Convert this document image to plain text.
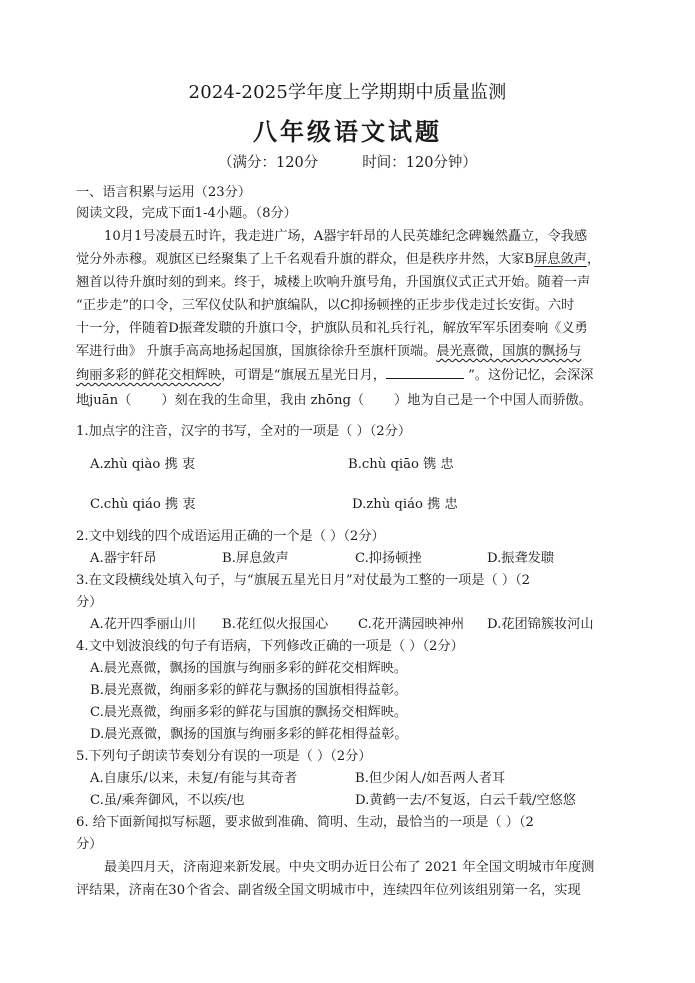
2024-2025学年度上学期期中质量监测
八年级语文试题
（满分：120分	时间：120分钟）
一、语言积累与运用（23分）
阅读文段，完成下面1-4小题。（8分）
10月1号凌晨五时许，我走进广场，A器宇轩昂的人民英雄纪念碑巍然矗立，令我感
觉分外赤穆。观旗区已经聚集了上千名观看升旗的群众，但是秩序井然，大家B屏息敛声，
翘首以待升旗时刻的到来。终于，城楼上吹响升旗号角，升国旗仪式正式开始。随着一声
“正步走”的口令，三军仪仗队和护旗编队，以C抑扬顿挫的正步步伐走过长安街。六时
十一分，伴随着D振聋发聩的升旗口令，护旗队员和礼兵行礼，解放军军乐团奏响《义勇
军进行曲》 升旗手高高地扬起国旗，国旗徐徐升至旗杆顶端。晨光熹微，国旗的飘扬与
绚丽多彩的鲜花交相辉映，可谓是“旗展五星光日月，	”。这份记忆，会深深
地juān（ ）刻在我的生命里，我由 zhōng（ ）地为自己是一个中国人而骄傲。
1.加点字的注音，汉字的书写，全对的一项是（ ）（2分）
A.zhù qiào 携 衷	B.chù qiāo 镌 忠
C.chù qiáo 携 衷	D.zhù qiáo 携 忠
2.文中划线的四个成语运用正确的一个是（ ）（2分）
A.器宇轩昂	B.屏息敛声	C.抑扬顿挫	D.振聋发聩
3.在文段横线处填入句子，与“旗展五星光日月”对仗最为工整的一项是（ ）（2
分）
A.花开四季丽山川 B.花红似火报国心 C.花开满园映神州 D.花团锦簇妆河山
4.文中划波浪线的句子有语病，下列修改正确的一项是（ ）（2分）
A.晨光熹微，飘扬的国旗与绚丽多彩的鲜花交相辉映。
B.晨光熹微，绚丽多彩的鲜花与飘扬的国旗相得益彰。
C.晨光熹微，绚丽多彩的鲜花与国旗的飘扬交相辉映。
D.晨光熹微，飘扬的国旗与绚丽多彩的鲜花相得益彰。
5.下列句子朗读节奏划分有误的一项是（ ）（2分）
A.自康乐/以来，未复/有能与其奇者	B.但少闲人/如吾两人者耳
C.虽/乘奔御风，不以疾/也	D.黄鹤一去/不复返，白云千载/空悠悠
6. 给下面新闻拟写标题，要求做到准确、简明、生动，最恰当的一项是（ ）（2
分）
最美四月天，济南迎来新发展。中央文明办近日公布了 2021 年全国文明城市年度测
评结果，济南在30个省会、副省级全国文明城市中，连续四年位列该组别第一名，实现
